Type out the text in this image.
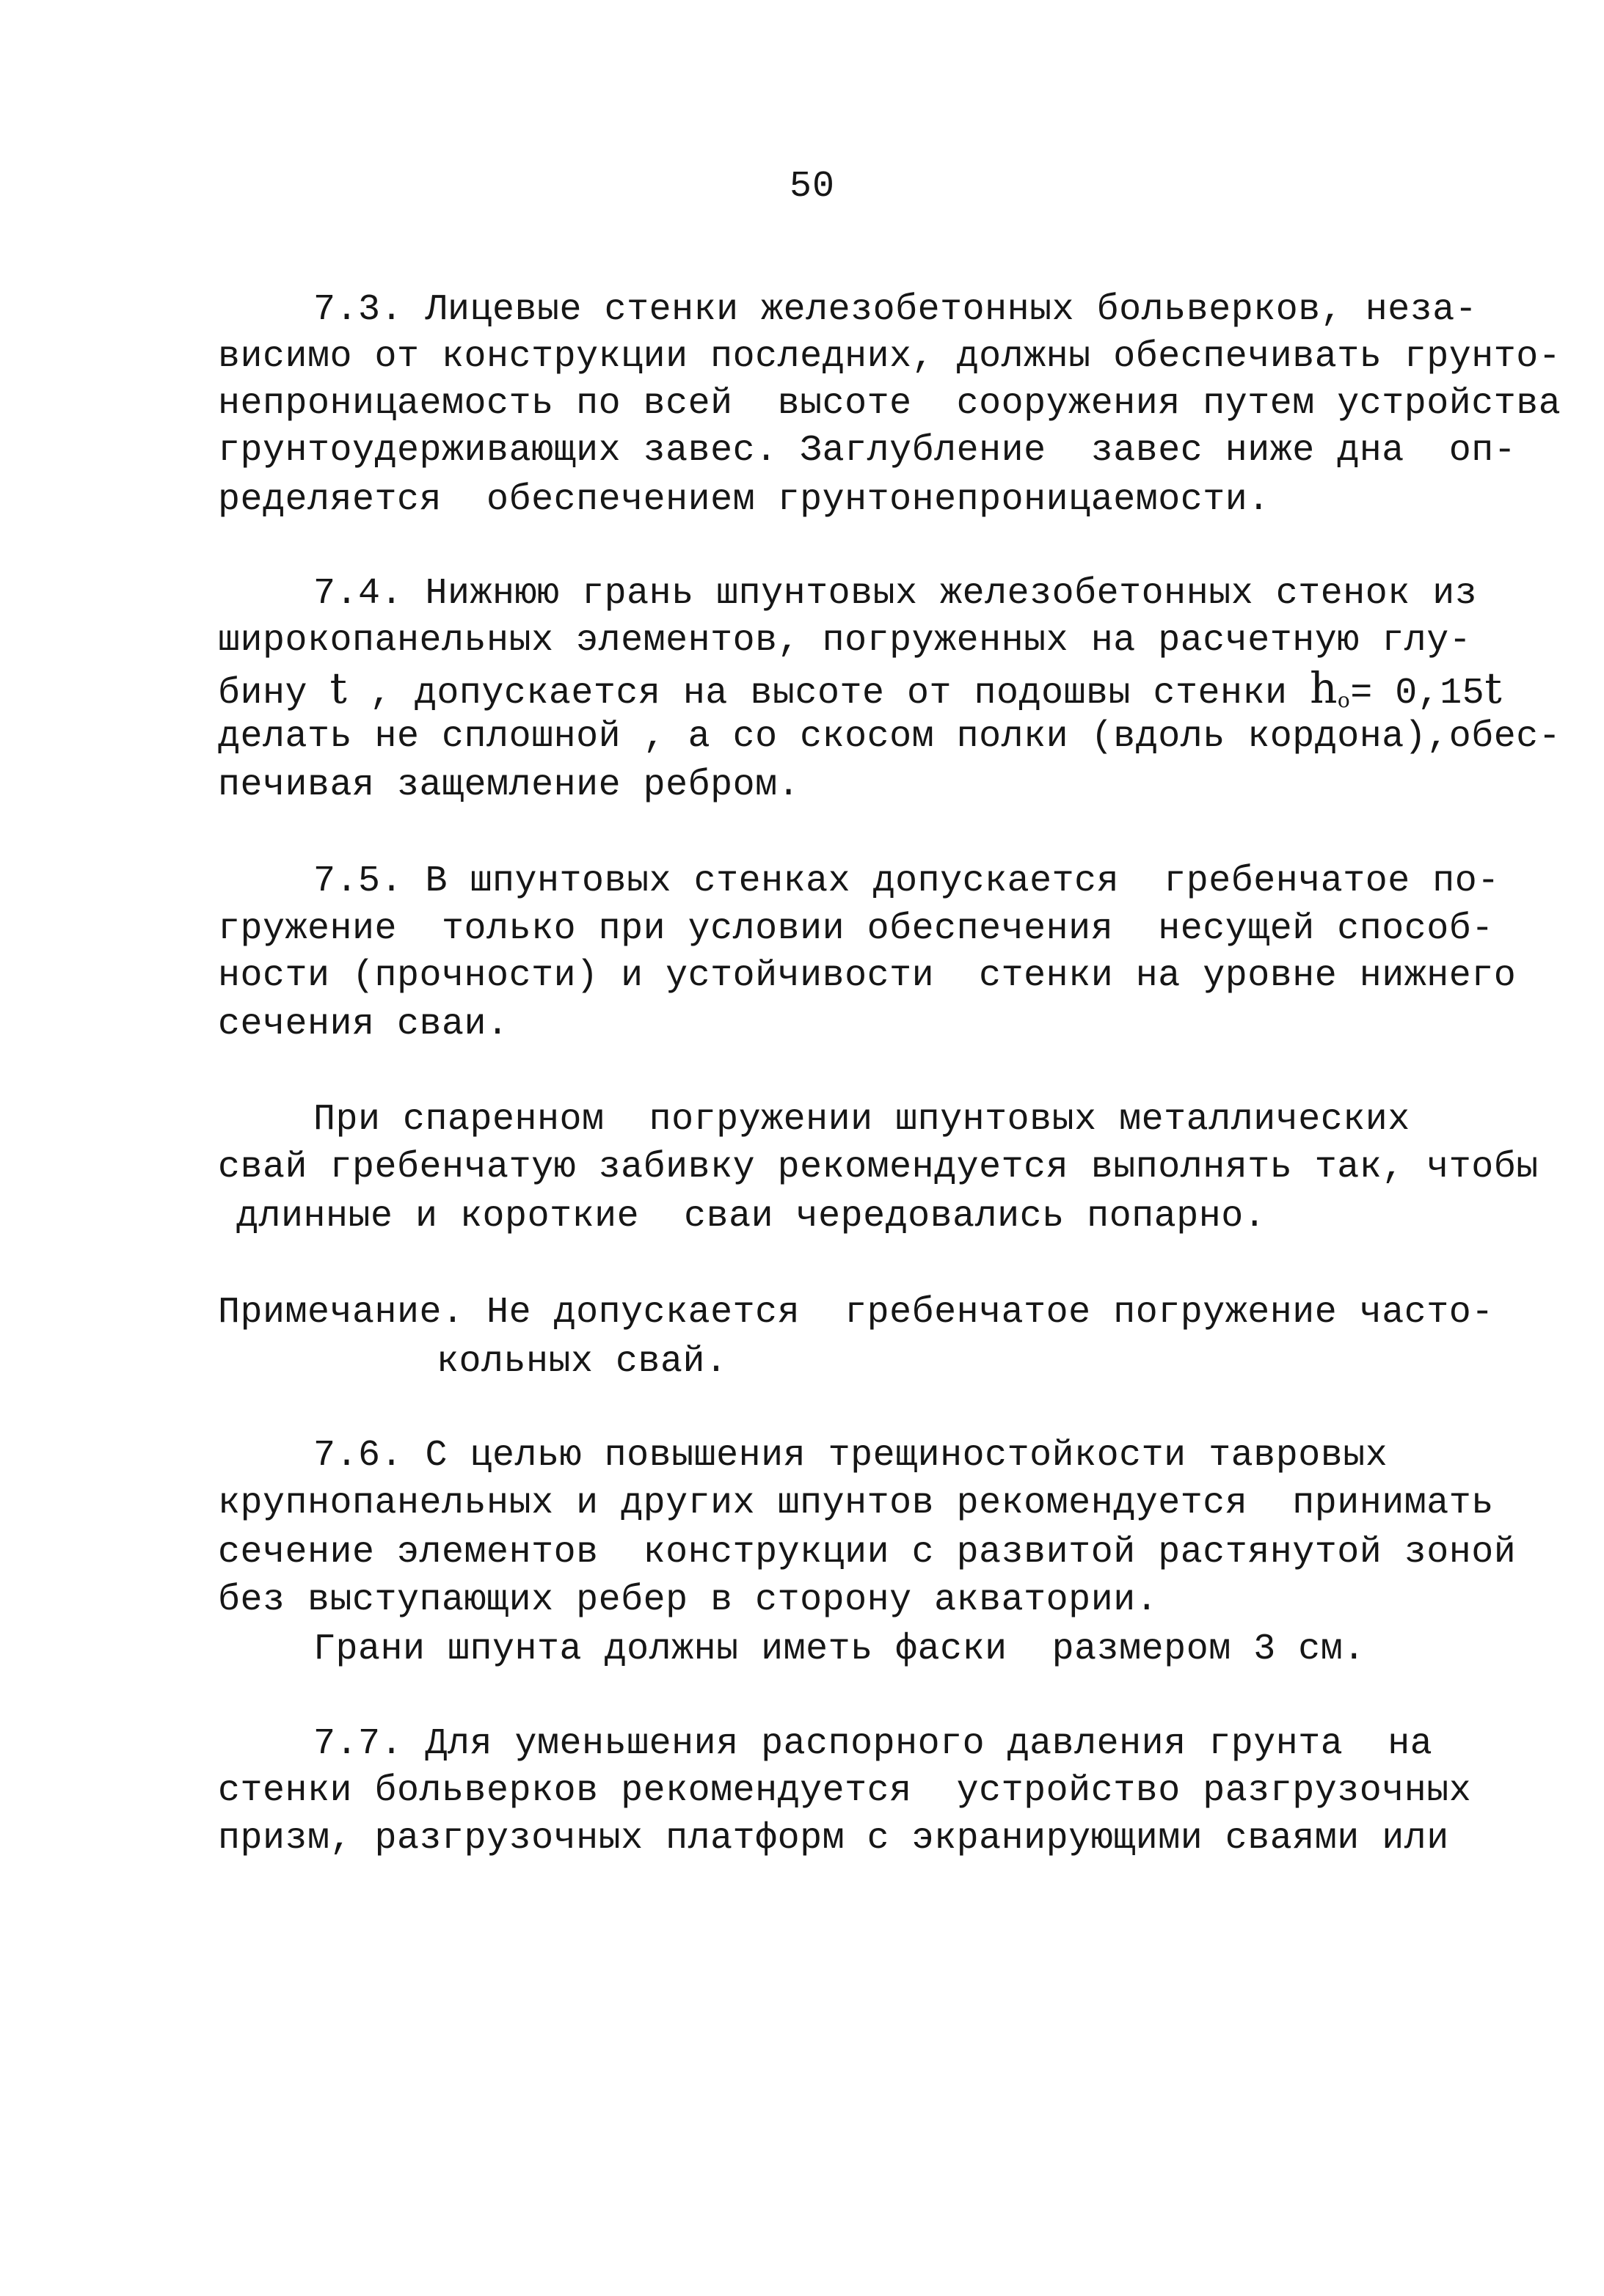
50
7.3. Лицевые стенки железобетонных больверков, неза-
висимо от конструкции последних, должны обеспечивать грунто-
непроницаемость по всей  высоте  сооружения путем устройства
грунтоудерживающих завес. Заглубление  завес ниже дна  оп-
ределяется  обеспечением грунтонепроницаемости.
7.4. Нижнюю грань шпунтовых железобетонных стенок из
широкопанельных элементов, погруженных на расчетную глу-
бину t , допускается на высоте от подошвы стенки $h_o= 0,15t$
делать не сплошной , а со скосом полки (вдоль кордона),обес-
печивая защемление ребром.
7.5. В шпунтовых стенках допускается  гребенчатое по-
гружение  только при условии обеспечения  несущей способ-
ности (прочности) и устойчивости  стенки на уровне нижнего
сечения сваи.
При спаренном  погружении шпунтовых металлических
свай гребенчатую забивку рекомендуется выполнять так, чтобы
длинные и короткие  сваи чередовались попарно.
Примечание. Не допускается  гребенчатое погружение часто-
кольных свай.
7.6. С целью повышения трещиностойкости тавровых
крупнопанельных и других шпунтов рекомендуется  принимать
сечение элементов  конструкции с развитой растянутой зоной
без выступающих ребер в сторону акватории.
Грани шпунта должны иметь фаски  размером 3 см.
7.7. Для уменьшения распорного давления грунта  на
стенки больверков рекомендуется  устройство разгрузочных
призм, разгрузочных платформ с экранирующими сваями или
